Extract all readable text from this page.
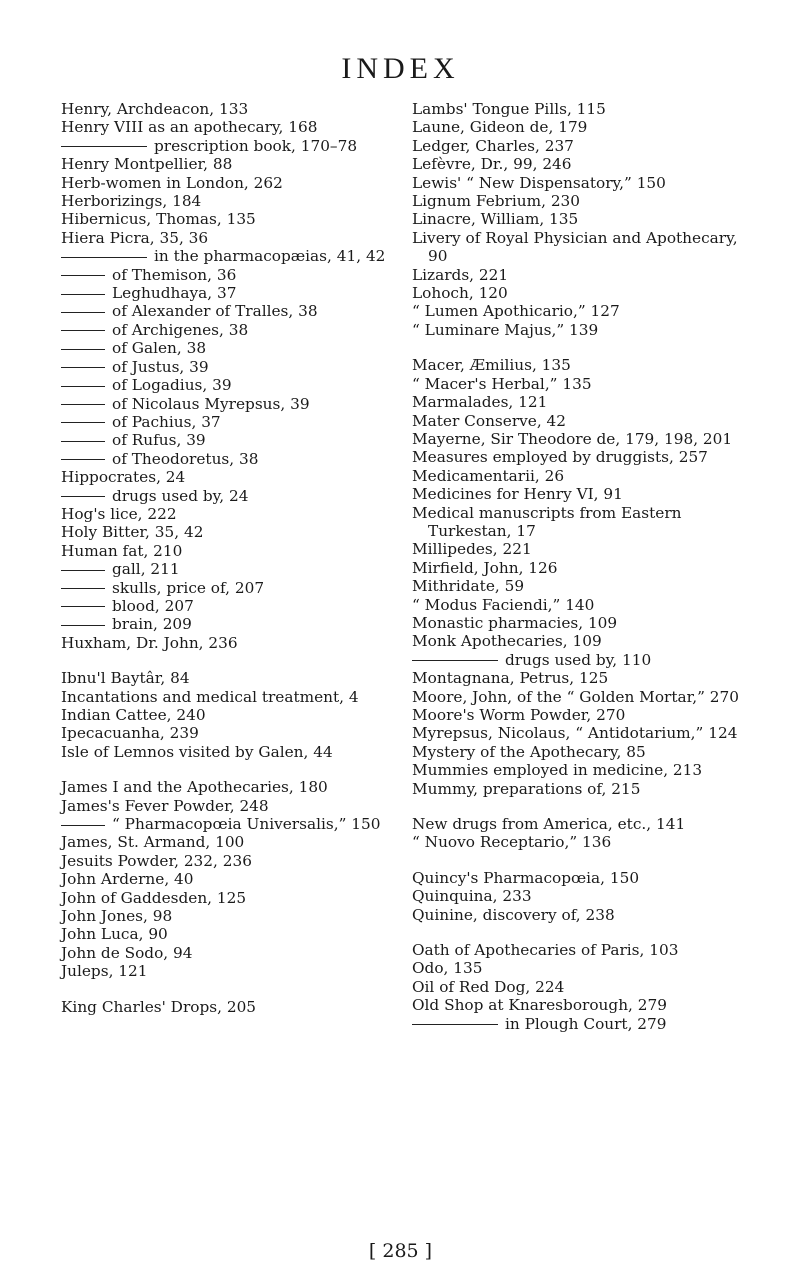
INDEX
Henry, Archdeacon, 133
Henry VIII as an apothecary, 168
prescription book, 170–78
Henry Montpellier, 88
Herb-women in London, 262
Herborizings, 184
Hibernicus, Thomas, 135
Hiera Picra, 35, 36
in the pharmacopæias, 41, 42
of Themison, 36
Leghudhaya, 37
of Alexander of Tralles, 38
of Archigenes, 38
of Galen, 38
of Justus, 39
of Logadius, 39
of Nicolaus Myrepsus, 39
of Pachius, 37
of Rufus, 39
of Theodoretus, 38
Hippocrates, 24
drugs used by, 24
Hog's lice, 222
Holy Bitter, 35, 42
Human fat, 210
gall, 211
skulls, price of, 207
blood, 207
brain, 209
Huxham, Dr. John, 236
Ibnu'l Baytâr, 84
Incantations and medical treatment, 4
Indian Cattee, 240
Ipecacuanha, 239
Isle of Lemnos visited by Galen, 44
James I and the Apothecaries, 180
James's Fever Powder, 248
“ Pharmacopœia Universalis,” 150
James, St. Armand, 100
Jesuits Powder, 232, 236
John Arderne, 40
John of Gaddesden, 125
John Jones, 98
John Luca, 90
John de Sodo, 94
Juleps, 121
King Charles' Drops, 205
Lambs' Tongue Pills, 115
Laune, Gideon de, 179
Ledger, Charles, 237
Lefèvre, Dr., 99, 246
Lewis' “ New Dispensatory,” 150
Lignum Febrium, 230
Linacre, William, 135
Livery of Royal Physician and Apothecary, 90
Lizards, 221
Lohoch, 120
“ Lumen Apothicario,” 127
“ Luminare Majus,” 139
Macer, Æmilius, 135
“ Macer's Herbal,” 135
Marmalades, 121
Mater Conserve, 42
Mayerne, Sir Theodore de, 179, 198, 201
Measures employed by druggists, 257
Medicamentarii, 26
Medicines for Henry VI, 91
Medical manuscripts from Eastern Turkestan, 17
Millipedes, 221
Mirfield, John, 126
Mithridate, 59
“ Modus Faciendi,” 140
Monastic pharmacies, 109
Monk Apothecaries, 109
drugs used by, 110
Montagnana, Petrus, 125
Moore, John, of the “ Golden Mortar,” 270
Moore's Worm Powder, 270
Myrepsus, Nicolaus, “ Antidotarium,” 124
Mystery of the Apothecary, 85
Mummies employed in medicine, 213
Mummy, preparations of, 215
New drugs from America, etc., 141
“ Nuovo Receptario,” 136
Quincy's Pharmacopœia, 150
Quinquina, 233
Quinine, discovery of, 238
Oath of Apothecaries of Paris, 103
Odo, 135
Oil of Red Dog, 224
Old Shop at Knaresborough, 279
in Plough Court, 279
[ 285 ]
